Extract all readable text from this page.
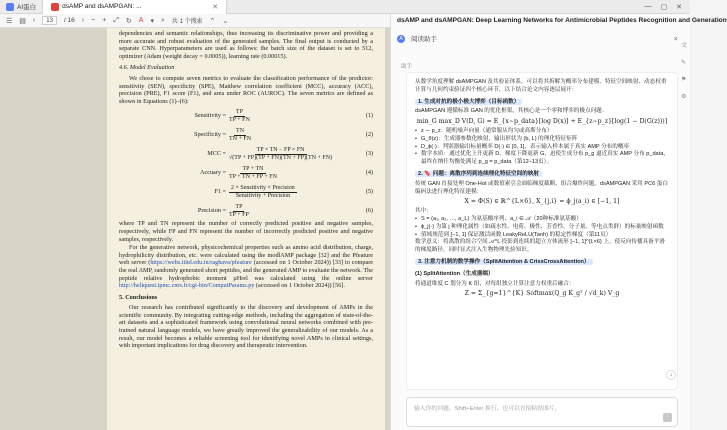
AI蛋白	dsAMP and dsAMPGAN: ...	✕	— ▢ ✕
☰ ▤ ‹	13	/ 16 › − + ⤢ ↻ A ▾ ⌕ 共 1 个搜索 ⌃ ⌄

dependencies and semantic relationships, thus increasing its discriminative power and providing a more accurate and robust evaluation of the generated samples. The final output is conducted by a separate CNN. Hyperparameters are used as follows: the batch size of the dataset is set to 512, optimizer (Adam (weight decay = 0.0005)), learning rate (0.00015).

4.6. Model Evaluation

We chose to compute seven metrics to evaluate the classification performance of the predictor: sensitivity (SEN), specificity (SPE), Matthew correlation coefficient (MCC), accuracy (ACC), precision (PRE), F1 score (F1), and area under ROC (AUROC). The seven metrics are defined as shown in Equations (1)–(6):

Sensitivity = $\frac{TP}{TP + FN}$	(1)
Specificity = $\frac{TN}{TN + FN}$	(2)
MCC = $\frac{TP \times TN - FP \times FN}{√(TP + FP)(TP + FN)(TN + FP)(TN + FN)}$	(3)
Accuary = $\frac{TP + TN}{TP + TN + FP + FN}$	(4)
$F1 = \frac{\text{2 × Sensitivity × Precision}}{\text{Sensitivity + Precision}}$	(5)
Precision = $\frac{TP}{TP + FP}$	(6)

where TP and TN represent the number of correctly predicted positive and negative samples, respectively, while FP and FN represent the number of incorrectly predicted positive and negative samples, respectively.

For the generative network, physicochemical properties such as amino acid distribution, charge, hydrophilicity distribution, etc. were calculated using the modlAMP package [32] and the Pfeature web server (https://webs.iiitd.edu.in/raghava/pfeature (accessed on 1 October 2024)) [33] to compare the real AMP, randomly generated short peptides, and the generated AMP to evaluate the network. The peptide relative hydrophobic moment µHrel was calculated using the online server http://heliquest.ipmc.cnrs.fr/cgi-bin/ComputParams.py (accessed on 1 October 2024)) [56].

5. Conclusions

Our research has contributed significantly to the discovery and development of AMPs in the scientific community. By integrating cutting-edge methods, including the aggregation of state-of-the-art datasets and a sophisticated framework using convolutional neural networks combined with pre-trained natural language models, we have greatly improved the generalizability of our models. As a result, our model becomes a reliable screening tool for identifying novel AMPs in clinical settings, with important implications for drug discovery and therapeutic intervention.

dsAMP and dsAMPGAN: Deep Learning Networks for Antimicrobial Peptides Recognition and Generation
A	阅读助手	✕
助手

从数学角度理解 dsAMPGAN 及其验证体系，可以将其拆解为概率分布建模、特征空间映射、动态权重计算与几何约束验证四个核心环节，以下结合论文内容逐层展开：

1. 生成对抗的极小极大博弈（目标函数）

dsAMPGAN 遵循标准 GAN 的优化框架，其核心是一个零和博弈的极点问题：

min_G max_D V(D, G) = E_{x∼p_data}[log D(x)] + E_{z∼p_z}[log(1 − D(G(z)))]
• z ∼ p_z：随机噪声向量（通常服从均匀或高斯分布）
• G_θ(z)：生成器参数化映射，输出形状为 (b, L) 的理化特征矩阵
• D_ϕ(·)：判别器输出标量概率 D(·) ∈ [0, 1]，表示输入样本属于真实 AMP 分布的概率
• 数学本质：通过优化上升更新 D，梯度下降更新 G，迫使生成分布 p_g 逼近真实 AMP 分布 p_data，最终在纳什均衡处满足 p_g = p_data（第12–13页）。
2. 🔖 问题：离散序列到连续理化特征空间的映射

传统 GAN 直接处理 One-Hot 或数值索引会面临梯度截断、组合爆炸问题。dsAMPGAN 采用 PC6 蛋白编码法进行理化特征建模：

X = Φ(S) ∈ ℝ^{L×6}, X_{j,i} = ϕ_j(a_i) ∈ [−1, 1]

其中：

• S = (a₁, a₂, …, a_L) 为氨基酸序列，a_i ∈ 𝒜（20种标准氨基酸）
• ϕ_j(·) 为第 j 种理化属性（如疏水性、电荷、极性、芳香性、分子量、等电点类群）的标量映射函数
• 值域规范到 [−1, 1] 保证激活函数 LeakyReLU(Tanh) 的稳定性梯度（第11页）

数学意义：将离散的组合空间 𝒜^L 投影到连续的超立方体流形 [−1, 1]^{L×6} 上，使反向传播具备平滑的梯度路径，同时显式注入生物物理先验知识。

3. 注意力机制的数学操作（SplitAttention & CrissCrossAttention）
(1) SplitAttention（生成器端）

将通道维度 C 划分为 K 组，对每组独立计算注意力权重后融合：

Z = Σ_{g=1}^{K} Softmax(Q_g K_gᵀ / √d_k) V_g
↓
输入你的问题。Shift+Enter 换行，也可以直接粘贴图片。
↑
文
✎
⚑
⚙
